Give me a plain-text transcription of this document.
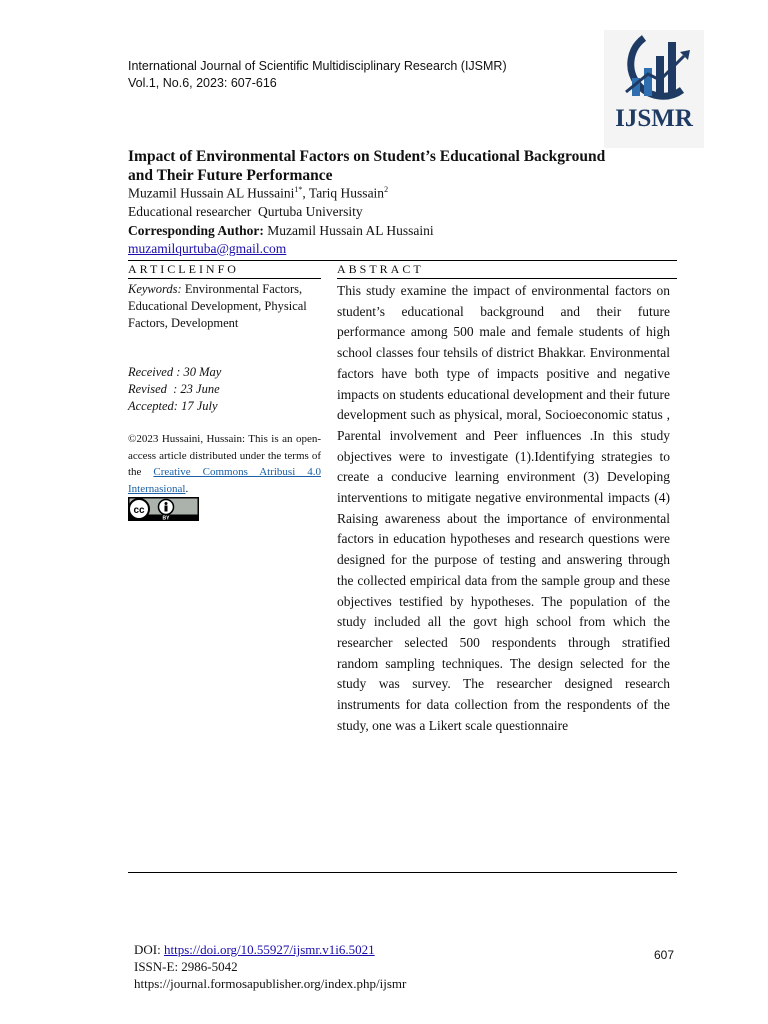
International Journal of Scientific Multidisciplinary Research (IJSMR)
Vol.1, No.6, 2023: 607-616
IJSMR
Impact of Environmental Factors on Student’s Educational Background and Their Future Performance
Muzamil Hussain AL Hussaini$^{1*}$, Tariq Hussain$^2$
Educational researcher  Qurtuba University
Corresponding Author: Muzamil Hussain AL Hussaini
muzamilqurtuba@gmail.com
ARTICLEINFO	ABSTRACT
Keywords: Environmental Factors, Educational Development, Physical Factors, Development
Received : 30 May
Revised  : 23 June
Accepted: 17 July
©2023 Hussaini, Hussain: This is an open-access article distributed under the terms of the Creative Commons Atribusi 4.0 Internasional.
cc
BY
This study examine the impact of environmental factors on student’s educational background and their future performance among 500 male and female students of high school classes four tehsils of district Bhakkar. Environmental factors have both type of impacts positive and negative impacts on students educational development and their future development such as physical, moral, Socioeconomic status , Parental involvement and Peer influences .In this study objectives were to investigate (1).Identifying strategies to create a conducive learning environment (3) Developing interventions to mitigate negative environmental impacts (4) Raising awareness about the importance of environmental factors in education hypotheses and research questions were designed for the purpose of testing and answering through the collected empirical data from the sample group and these objectives testified by hypotheses. The population of the study included all the govt high school from which the researcher selected 500 respondents through stratified random sampling techniques. The design selected for the study was survey. The researcher designed research instruments for data collection from the respondents of the study, one was a Likert scale questionnaire
DOI: https://doi.org/10.55927/ijsmr.v1i6.5021
ISSN-E: 2986-5042
https://journal.formosapublisher.org/index.php/ijsmr
607
